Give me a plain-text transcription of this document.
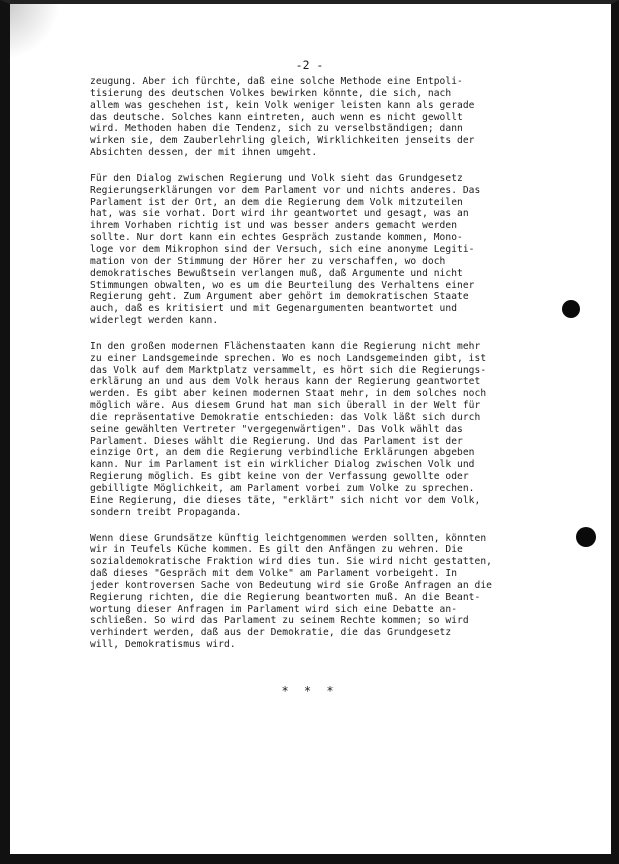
-2 -
zeugung. Aber ich fürchte, daß eine solche Methode eine Entpoli-
tisierung des deutschen Volkes bewirken könnte, die sich, nach
allem was geschehen ist, kein Volk weniger leisten kann als gerade
das deutsche. Solches kann eintreten, auch wenn es nicht gewollt
wird. Methoden haben die Tendenz, sich zu verselbständigen; dann
wirken sie, dem Zauberlehrling gleich, Wirklichkeiten jenseits der
Absichten dessen, der mit ihnen umgeht.
Für den Dialog zwischen Regierung und Volk sieht das Grundgesetz
Regierungserklärungen vor dem Parlament vor und nichts anderes. Das
Parlament ist der Ort, an dem die Regierung dem Volk mitzuteilen
hat, was sie vorhat. Dort wird ihr geantwortet und gesagt, was an
ihrem Vorhaben richtig ist und was besser anders gemacht werden
sollte. Nur dort kann ein echtes Gespräch zustande kommen, Mono-
loge vor dem Mikrophon sind der Versuch, sich eine anonyme Legiti-
mation von der Stimmung der Hörer her zu verschaffen, wo doch
demokratisches Bewußtsein verlangen muß, daß Argumente und nicht
Stimmungen obwalten, wo es um die Beurteilung des Verhaltens einer
Regierung geht. Zum Argument aber gehört im demokratischen Staate
auch, daß es kritisiert und mit Gegenargumenten beantwortet und
widerlegt werden kann.
In den großen modernen Flächenstaaten kann die Regierung nicht mehr
zu einer Landsgemeinde sprechen. Wo es noch Landsgemeinden gibt, ist
das Volk auf dem Marktplatz versammelt, es hört sich die Regierungs-
erklärung an und aus dem Volk heraus kann der Regierung geantwortet
werden. Es gibt aber keinen modernen Staat mehr, in dem solches noch
möglich wäre. Aus diesem Grund hat man sich überall in der Welt für
die repräsentative Demokratie entschieden: das Volk läßt sich durch
seine gewählten Vertreter "vergegenwärtigen". Das Volk wählt das
Parlament. Dieses wählt die Regierung. Und das Parlament ist der
einzige Ort, an dem die Regierung verbindliche Erklärungen abgeben
kann. Nur im Parlament ist ein wirklicher Dialog zwischen Volk und
Regierung möglich. Es gibt keine von der Verfassung gewollte oder
gebilligte Möglichkeit, am Parlament vorbei zum Volke zu sprechen.
Eine Regierung, die dieses täte, "erklärt" sich nicht vor dem Volk,
sondern treibt Propaganda.
Wenn diese Grundsätze künftig leichtgenommen werden sollten, könnten
wir in Teufels Küche kommen. Es gilt den Anfängen zu wehren. Die
sozialdemokratische Fraktion wird dies tun. Sie wird nicht gestatten,
daß dieses "Gespräch mit dem Volke" am Parlament vorbeigeht. In
jeder kontroversen Sache von Bedeutung wird sie Große Anfragen an die
Regierung richten, die die Regierung beantworten muß. An die Beant-
wortung dieser Anfragen im Parlament wird sich eine Debatte an-
schließen. So wird das Parlament zu seinem Rechte kommen; so wird
verhindert werden, daß aus der Demokratie, die das Grundgesetz
will, Demokratismus wird.
* * *
